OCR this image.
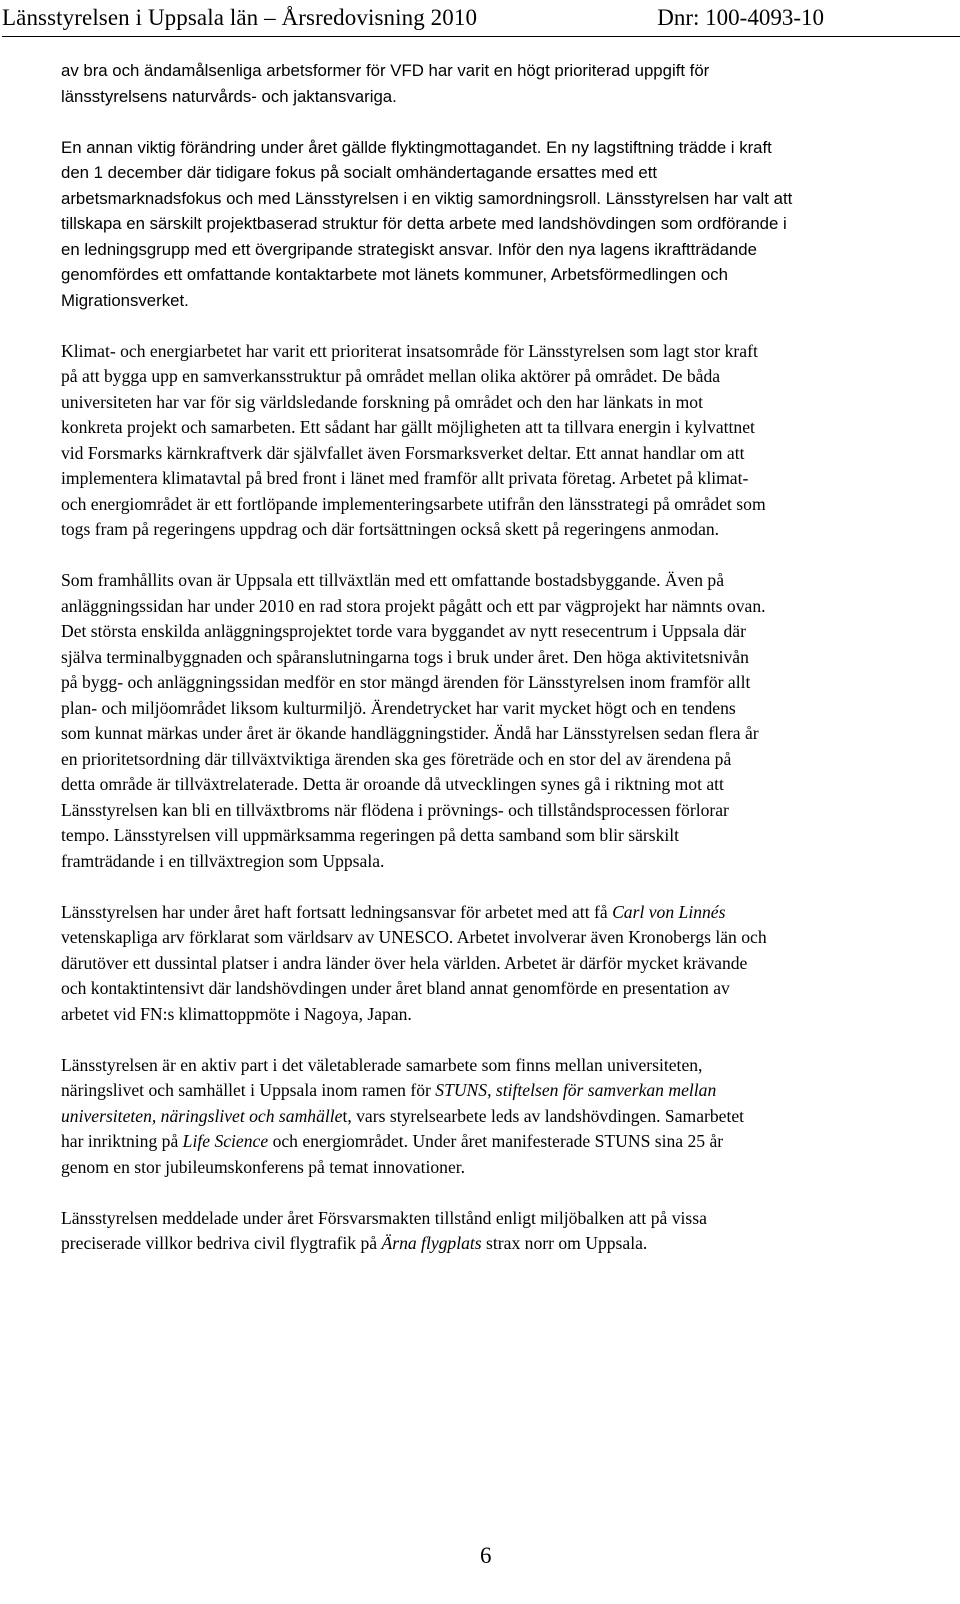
Länsstyrelsen i Uppsala län – Årsredovisning 2010	Dnr: 100-4093-10

av bra och ändamålsenliga arbetsformer för VFD har varit en högt prioriterad uppgift för
länsstyrelsens naturvårds- och jaktansvariga.

En annan viktig förändring under året gällde flyktingmottagandet. En ny lagstiftning trädde i kraft
den 1 december där tidigare fokus på socialt omhändertagande ersattes med ett
arbetsmarknadsfokus och med Länsstyrelsen i en viktig samordningsroll. Länsstyrelsen har valt att
tillskapa en särskilt projektbaserad struktur för detta arbete med landshövdingen som ordförande i
en ledningsgrupp med ett övergripande strategiskt ansvar. Inför den nya lagens ikraftträdande
genomfördes ett omfattande kontaktarbete mot länets kommuner, Arbetsförmedlingen och
Migrationsverket.

Klimat- och energiarbetet har varit ett prioriterat insatsområde för Länsstyrelsen som lagt stor kraft
på att bygga upp en samverkansstruktur på området mellan olika aktörer på området. De båda
universiteten har var för sig världsledande forskning på området och den har länkats in mot
konkreta projekt och samarbeten. Ett sådant har gällt möjligheten att ta tillvara energin i kylvattnet
vid Forsmarks kärnkraftverk där självfallet även Forsmarksverket deltar. Ett annat handlar om att
implementera klimatavtal på bred front i länet med framför allt privata företag. Arbetet på klimat-
och energiområdet är ett fortlöpande implementeringsarbete utifrån den länsstrategi på området som
togs fram på regeringens uppdrag och där fortsättningen också skett på regeringens anmodan.

Som framhållits ovan är Uppsala ett tillväxtlän med ett omfattande bostadsbyggande. Även på
anläggningssidan har under 2010 en rad stora projekt pågått och ett par vägprojekt har nämnts ovan.
Det största enskilda anläggningsprojektet torde vara byggandet av nytt resecentrum i Uppsala där
själva terminalbyggnaden och spåranslutningarna togs i bruk under året. Den höga aktivitetsnivån
på bygg- och anläggningssidan medför en stor mängd ärenden för Länsstyrelsen inom framför allt
plan- och miljöområdet liksom kulturmiljö. Ärendetrycket har varit mycket högt och en tendens
som kunnat märkas under året är ökande handläggningstider. Ändå har Länsstyrelsen sedan flera år
en prioritetsordning där tillväxtviktiga ärenden ska ges företräde och en stor del av ärendena på
detta område är tillväxtrelaterade. Detta är oroande då utvecklingen synes gå i riktning mot att
Länsstyrelsen kan bli en tillväxtbroms när flödena i prövnings- och tillståndsprocessen förlorar
tempo. Länsstyrelsen vill uppmärksamma regeringen på detta samband som blir särskilt
framträdande i en tillväxtregion som Uppsala.

Länsstyrelsen har under året haft fortsatt ledningsansvar för arbetet med att få Carl von Linnés
vetenskapliga arv förklarat som världsarv av UNESCO. Arbetet involverar även Kronobergs län och
därutöver ett dussintal platser i andra länder över hela världen. Arbetet är därför mycket krävande
och kontaktintensivt där landshövdingen under året bland annat genomförde en presentation av
arbetet vid FN:s klimattoppmöte i Nagoya, Japan.

Länsstyrelsen är en aktiv part i det väletablerade samarbete som finns mellan universiteten,
näringslivet och samhället i Uppsala inom ramen för STUNS, stiftelsen för samverkan mellan
universiteten, näringslivet och samhället, vars styrelsearbete leds av landshövdingen. Samarbetet
har inriktning på Life Science och energiområdet. Under året manifesterade STUNS sina 25 år
genom en stor jubileumskonferens på temat innovationer.

Länsstyrelsen meddelade under året Försvarsmakten tillstånd enligt miljöbalken att på vissa
preciserade villkor bedriva civil flygtrafik på Ärna flygplats strax norr om Uppsala.

6
